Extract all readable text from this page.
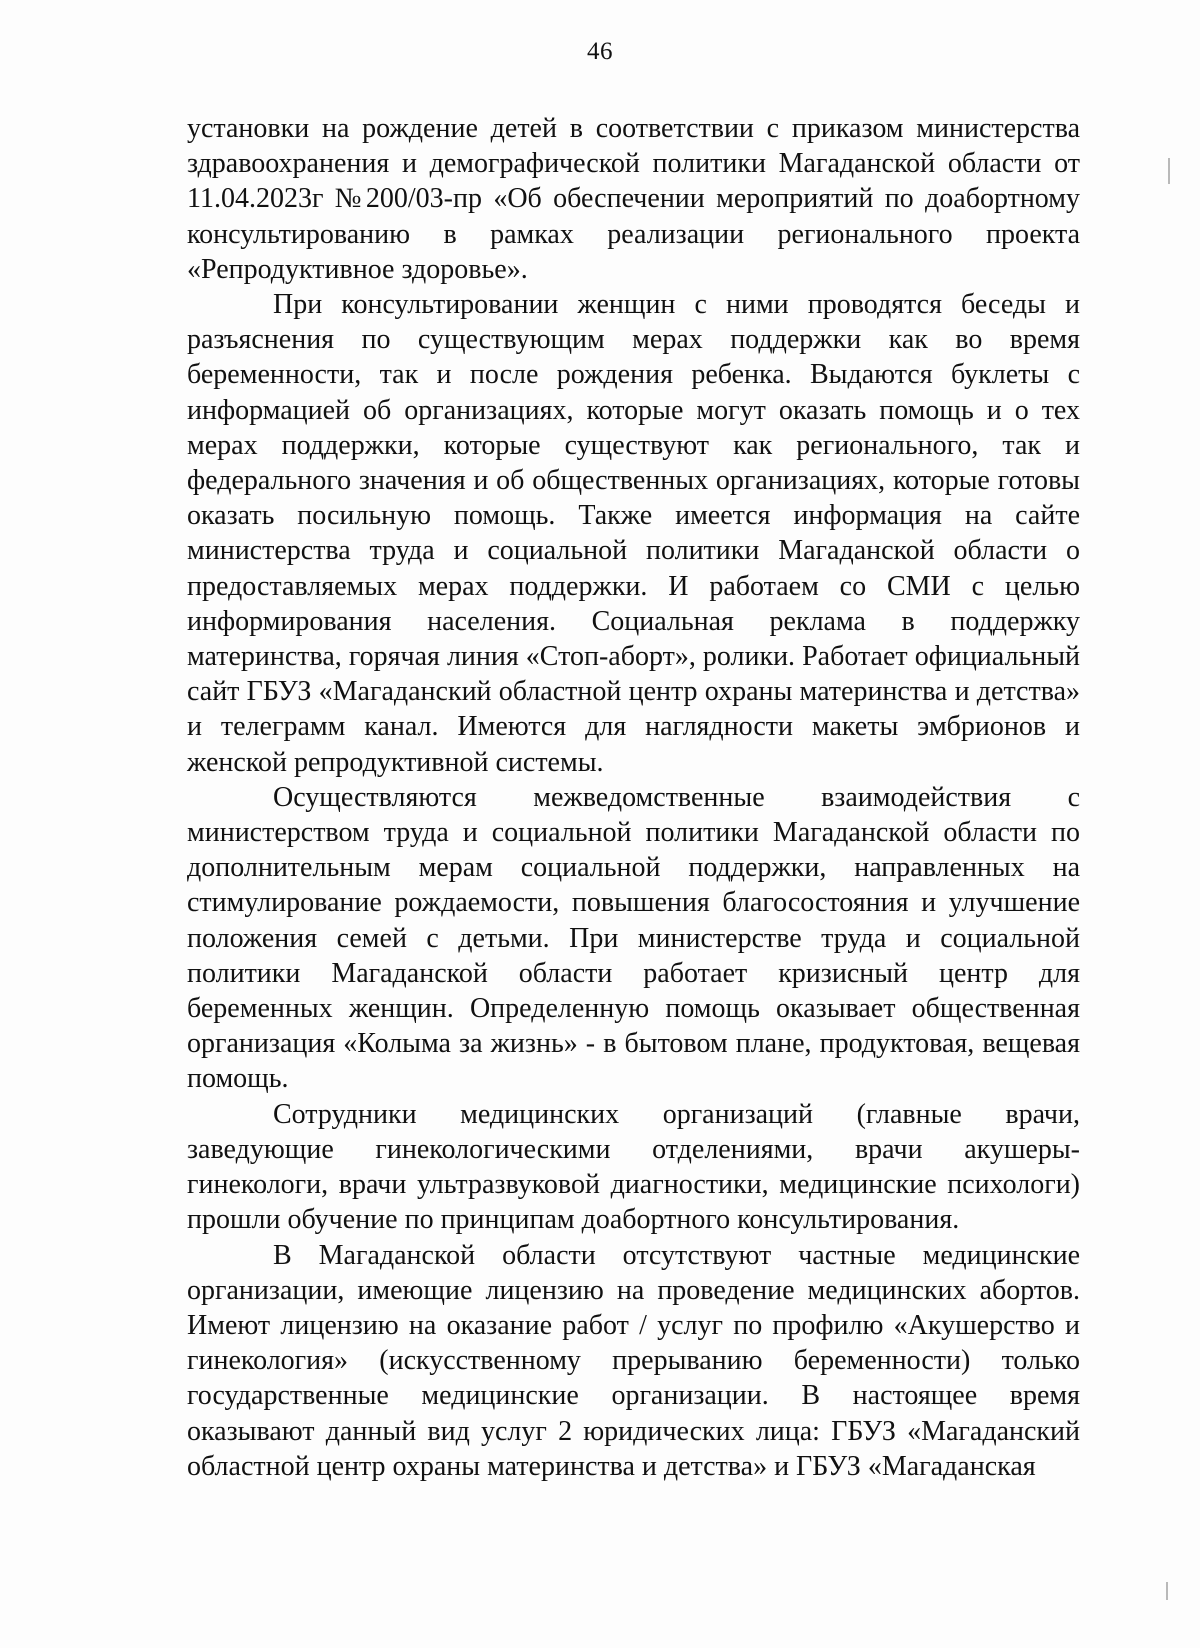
46

установки на рождение детей в соответствии с приказом министерства здравоохранения и демографической политики Магаданской области от 11.04.2023г №200/03-пр «Об обеспечении мероприятий по доабортному консультированию в рамках реализации регионального проекта «Репродуктивное здоровье».

При консультировании женщин с ними проводятся беседы и разъяснения по существующим мерах поддержки как во время беременности, так и после рождения ребенка. Выдаются буклеты с информацией об организациях, которые могут оказать помощь и о тех мерах поддержки, которые существуют как регионального, так и федерального значения и об общественных организациях, которые готовы оказать посильную помощь. Также имеется информация на сайте министерства труда и социальной политики Магаданской области о предоставляемых мерах поддержки. И работаем со СМИ с целью информирования населения. Социальная реклама в поддержку материнства, горячая линия «Стоп-аборт», ролики. Работает официальный сайт ГБУЗ «Магаданский областной центр охраны материнства и детства» и телеграмм канал. Имеются для наглядности макеты эмбрионов и женской репродуктивной системы.

Осуществляются межведомственные взаимодействия с министерством труда и социальной политики Магаданской области по дополнительным мерам социальной поддержки, направленных на стимулирование рождаемости, повышения благосостояния и улучшение положения семей с детьми. При министерстве труда и социальной политики Магаданской области работает кризисный центр для беременных женщин. Определенную помощь оказывает общественная организация «Колыма за жизнь» - в бытовом плане, продуктовая, вещевая помощь.

Сотрудники медицинских организаций (главные врачи, заведующие гинекологическими отделениями, врачи акушеры-гинекологи, врачи ультразвуковой диагностики, медицинские психологи) прошли обучение по принципам доабортного консультирования.

В Магаданской области отсутствуют частные медицинские организации, имеющие лицензию на проведение медицинских абортов. Имеют лицензию на оказание работ / услуг по профилю «Акушерство и гинекология» (искусственному прерыванию беременности) только государственные медицинские организации. В настоящее время оказывают данный вид услуг 2 юридических лица: ГБУЗ «Магаданский областной центр охраны материнства и детства» и ГБУЗ «Магаданская
